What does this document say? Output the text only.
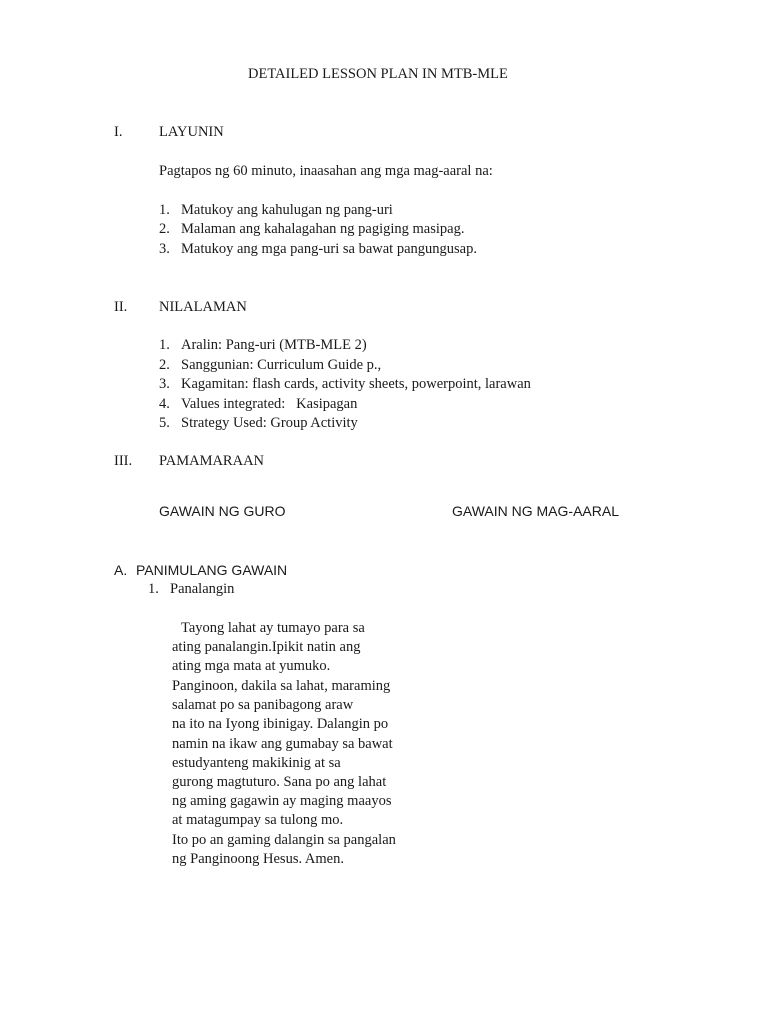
DETAILED LESSON PLAN IN MTB-MLE
I.	LAYUNIN
Pagtapos ng 60 minuto, inaasahan ang mga mag-aaral na:
1. Matukoy ang kahulugan ng pang-uri
2. Malaman ang kahalagahan ng pagiging masipag.
3. Matukoy ang mga pang-uri sa bawat pangungusap.
II. NILALAMAN
1. Aralin: Pang-uri (MTB-MLE 2)
2. Sanggunian: Curriculum Guide p.,
3. Kagamitan: flash cards, activity sheets, powerpoint, larawan
4. Values integrated:   Kasipagan
5. Strategy Used: Group Activity
III. PAMAMARAAN
GAWAIN NG GURO	GAWAIN NG MAG-AARAL
A. PANIMULANG GAWAIN
1. Panalangin
Tayong lahat ay tumayo para sa
ating panalangin.Ipikit natin ang
ating mga mata at yumuko.
Panginoon, dakila sa lahat, maraming
salamat po sa panibagong araw
na ito na Iyong ibinigay. Dalangin po
namin na ikaw ang gumabay sa bawat
estudyanteng makikinig at sa
gurong magtuturo. Sana po ang lahat
ng aming gagawin ay maging maayos
at matagumpay sa tulong mo.
Ito po an gaming dalangin sa pangalan
ng Panginoong Hesus. Amen.
